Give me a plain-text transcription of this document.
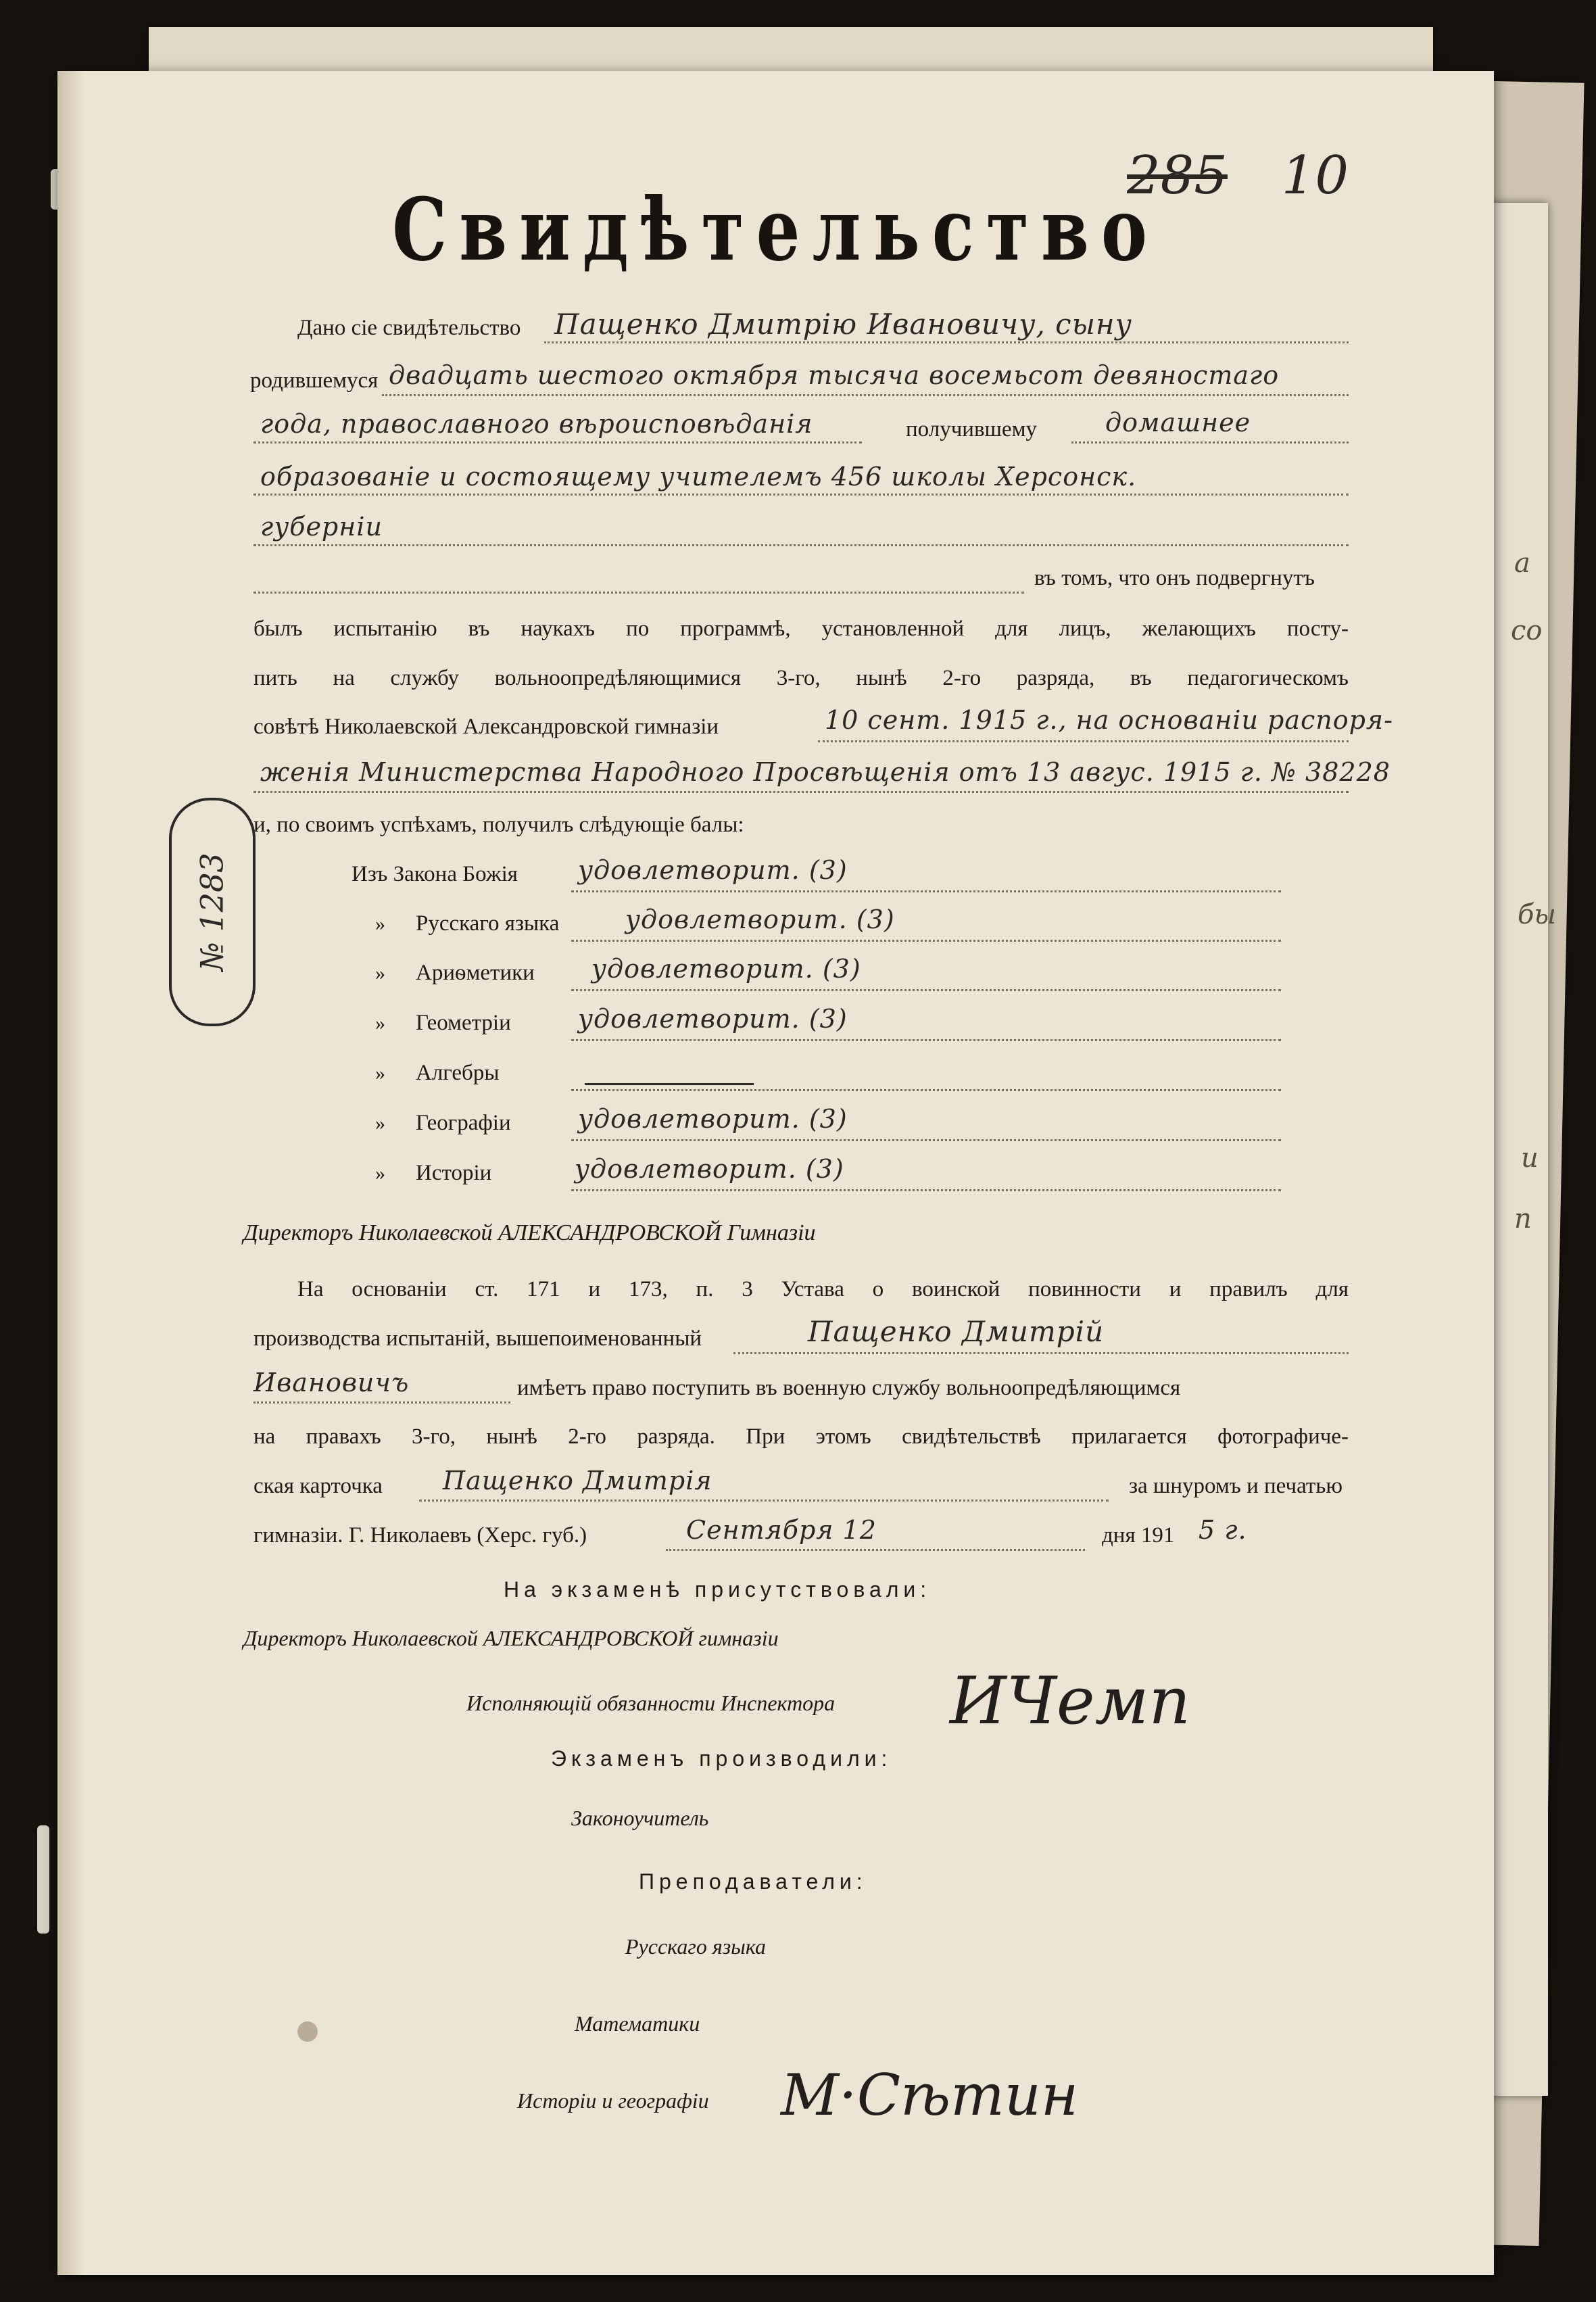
285 10
Свидѣтельство
Дано сіе свидѣтельство Пащенко Дмитрiю Ивановичу, сыну
родившемуся двадцать шестого октября тысяча восемьсот девяностаго
года, православного вѣроисповѣданія	получившему	домашнее
образованiе и состоящему учителемъ 456 школы Херсонск.
губернiи
въ томъ, что онъ подвергнутъ
былъ испытанію въ наукахъ по программѣ, установленной для лицъ, желающихъ посту-
пить на службу вольноопредѣляющимися 3-го, нынѣ 2-го разряда, въ педагогическомъ
совѣтѣ Николаевской Александровской гимназіи	10 сент. 1915 г., на основанiи распоря-
женiя Министерства Народного Просвѣщенiя отъ 13 авгус. 1915 г. № 38228
и, по своимъ успѣхамъ, получилъ слѣдующіе балы:
Изъ Закона Божія удовлетворит. (3)
» Русскаго языка	удовлетворит. (3)
» Ариѳметики удовлетворит. (3)
» Геометріи	удовлетворит. (3)
» Алгебры
» Географіи	удовлетворит. (3)
» Исторіи	удовлетворит. (3)
Директоръ Николаевской АЛЕКСАНДРОВСКОЙ Гимназіи
На основаніи ст. 171 и 173, п. 3 Устава о воинской повинности и правилъ для
производства испытаній, вышепоименованный	Пащенко Дмитрiй
Ивановичъ	имѣетъ право поступить въ военную службу вольноопредѣляющимся
на правахъ 3-го, нынѣ 2-го разряда. При этомъ свидѣтельствѣ прилагается фотографиче-
ская карточка Пащенко Дмитрiя	за шнуромъ и печатью
гимназіи. Г. Николаевъ (Херс. губ.)	Сентября 12	дня 191 5 г.
На экзаменѣ присутствовали:
Директоръ Николаевской АЛЕКСАНДРОВСКОЙ гимназіи
Исполняющій обязанности Инспектора ИЧемп
Экзаменъ производили:
Законоучитель
Преподаватели:
Русскаго языка
Математики
Исторіи и географіи М·Сѣтин
№ 1283
а
со
бы
и
п
